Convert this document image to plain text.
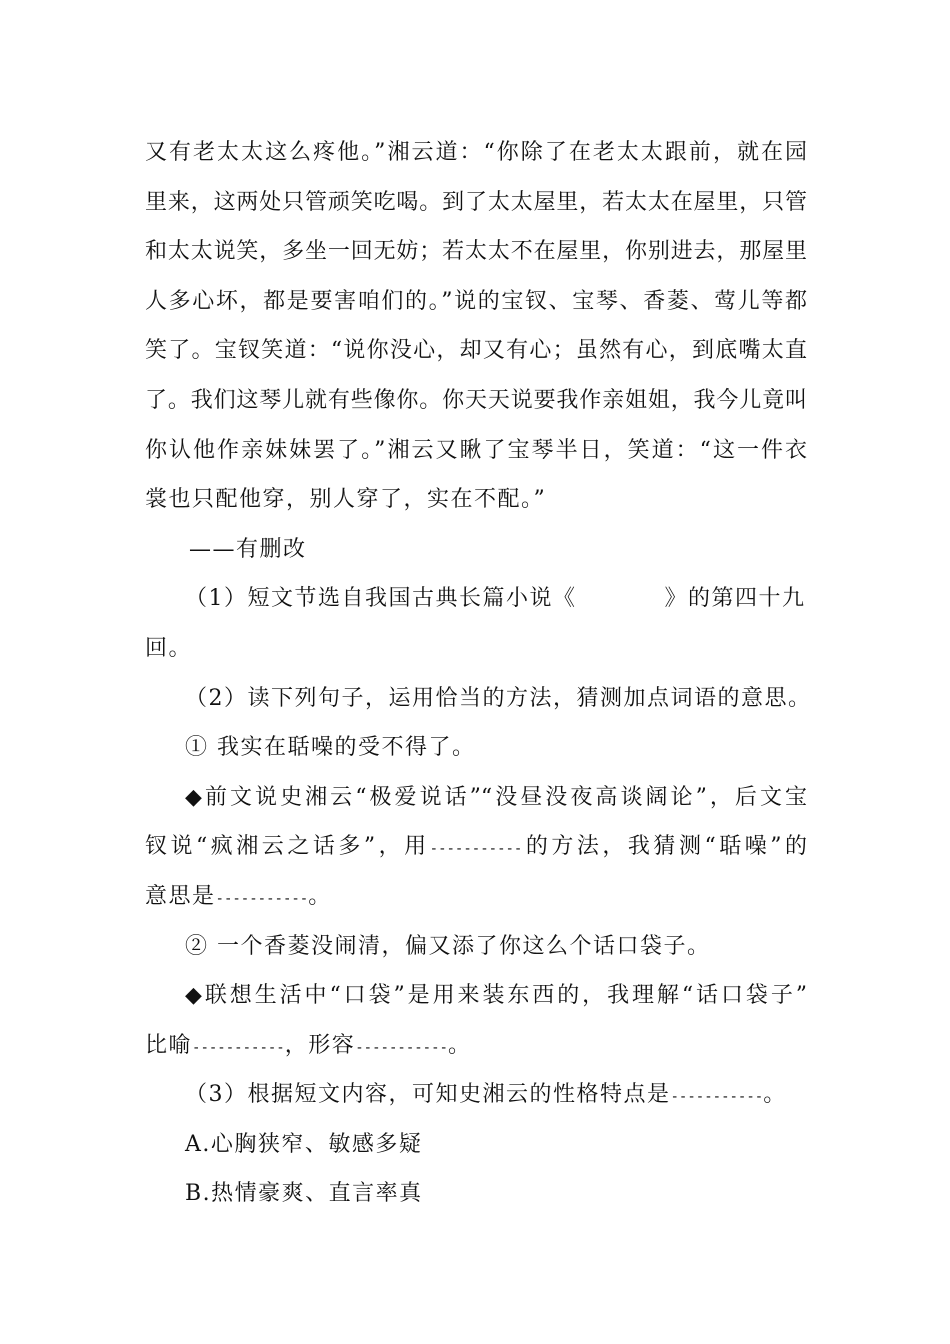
又有老太太这么疼他。”湘云道：“你除了在老太太跟前，就在园
里来，这两处只管顽笑吃喝。到了太太屋里，若太太在屋里，只管
和太太说笑，多坐一回无妨；若太太不在屋里，你别进去，那屋里
人多心坏，都是要害咱们的。”说的宝钗、宝琴、香菱、莺儿等都
笑了。宝钗笑道：“说你没心，却又有心；虽然有心，到底嘴太直
了。我们这琴儿就有些像你。你天天说要我作亲姐姐，我今儿竟叫
你认他作亲妹妹罢了。”湘云又瞅了宝琴半日，笑道：“这一件衣
裳也只配他穿，别人穿了，实在不配。”
——有删改
（1）短文节选自我国古典长篇小说《	》的第四十九
回。
（2）读下列句子，运用恰当的方法，猜测加点词语的意思。
① 我实在聒噪的受不得了。
◆前文说史湘云“极爱说话”“没昼没夜高谈阔论”，后文宝
钗说“疯湘云之话多”，用-----------的方法，我猜测“聒噪”的
意思是-----------。
② 一个香菱没闹清，偏又添了你这么个话口袋子。
◆联想生活中“口袋”是用来装东西的，我理解“话口袋子”
比喻-----------，形容-----------。
（3）根据短文内容，可知史湘云的性格特点是-----------。
A.心胸狭窄、敏感多疑
B.热情豪爽、直言率真
